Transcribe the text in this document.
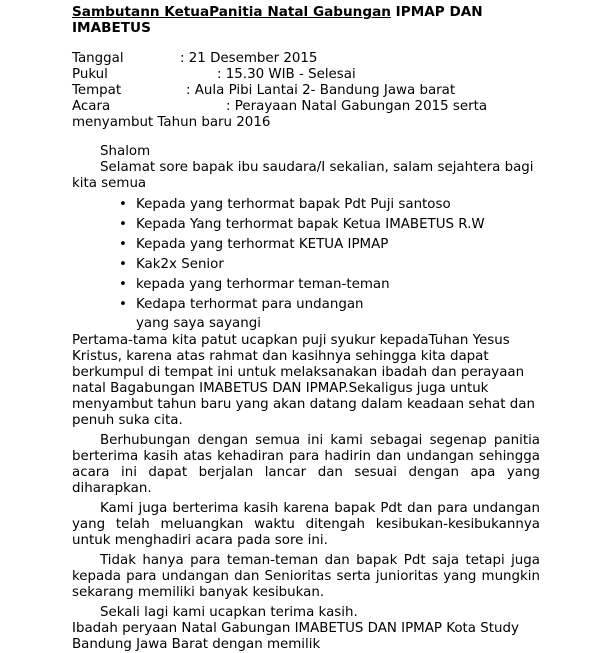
Sambutann KetuaPanitia Natal Gabungan IPMAP DAN IMABETUS
Tanggal	: 21 Desember 2015
Pukul	: 15.30 WIB - Selesai
Tempat	: Aula Pibi Lantai 2- Bandung Jawa barat
Acara	: Perayaan Natal Gabungan 2015 serta menyambut Tahun baru 2016
Shalom
Selamat sore bapak ibu saudara/I sekalian, salam sejahtera bagi kita semua
• Kepada yang terhormat bapak Pdt Puji santoso
• Kepada Yang terhormat bapak Ketua IMABETUS R.W
• Kepada yang terhormat KETUA IPMAP
• Kak2x Senior
• kepada yang terhormar teman-teman
• Kedapa terhormat para undangan
yang saya sayangi
Pertama-tama kita patut ucapkan puji syukur kepadaTuhan Yesus Kristus, karena atas rahmat dan kasihnya sehingga kita dapat berkumpul di tempat ini untuk melaksanakan ibadah dan perayaan natal Bagabungan IMABETUS DAN IPMAP.Sekaligus juga untuk menyambut tahun baru yang akan datang dalam keadaan sehat dan penuh suka cita.
Berhubungan dengan semua ini kami sebagai segenap panitia berterima kasih atas kehadiran para hadirin dan undangan sehingga acara ini dapat berjalan lancar dan sesuai dengan apa yang diharapkan.
Kami juga berterima kasih karena bapak Pdt dan para undangan yang telah meluangkan waktu ditengah kesibukan-kesibukannya untuk menghadiri acara pada sore ini.
Tidak hanya para teman-teman dan bapak Pdt saja tetapi juga kepada para undangan dan Senioritas serta junioritas yang mungkin sekarang memiliki banyak kesibukan.
Sekali lagi kami ucapkan terima kasih.
Ibadah peryaan Natal Gabungan IMABETUS DAN IPMAP Kota Study Bandung Jawa Barat dengan memilik
